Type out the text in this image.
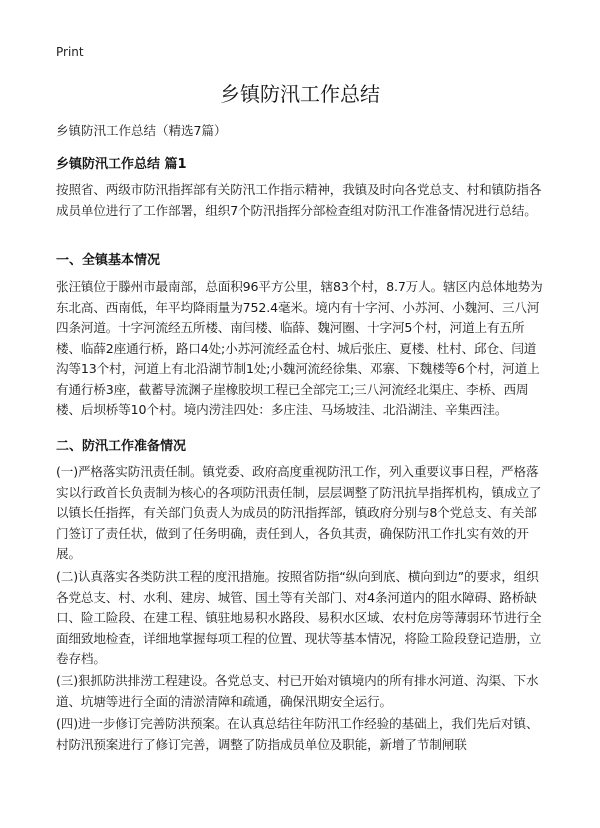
Print
乡镇防汛工作总结
乡镇防汛工作总结（精选7篇）
乡镇防汛工作总结 篇1

按照省、两级市防汛指挥部有关防汛工作指示精神，我镇及时向各党总支、村和镇防指各成员单位进行了工作部署，组织7个防汛指挥分部检查组对防汛工作准备情况进行总结。

一、全镇基本情况

张汪镇位于滕州市最南部，总面积96平方公里，辖83个村，8.7万人。辖区内总体地势为东北高、西南低，年平均降雨量为752.4毫米。境内有十字河、小苏河、小魏河、三八河四条河道。十字河流经五所楼、南闫楼、临薛、魏河圈、十字河5个村，河道上有五所楼、临薛2座通行桥，路口4处;小苏河流经孟仓村、城后张庄、夏楼、杜村、邱仓、闫道沟等13个村，河道上有北沿湖节制1处;小魏河流经徐集、邓寨、下魏楼等6个村，河道上有通行桥3座，截蓄导流渊子崖橡胶坝工程已全部完工;三八河流经北渠庄、李桥、西周楼、后坝桥等10个村。境内涝洼四处：多庄洼、马场坡洼、北沿湖洼、辛集西洼。

二、防汛工作准备情况

(一)严格落实防汛责任制。镇党委、政府高度重视防汛工作，列入重要议事日程，严格落实以行政首长负责制为核心的各项防汛责任制，层层调整了防汛抗旱指挥机构，镇成立了以镇长任指挥，有关部门负责人为成员的防汛指挥部，镇政府分别与8个党总支、有关部门签订了责任状，做到了任务明确，责任到人，各负其责，确保防汛工作扎实有效的开展。

(二)认真落实各类防洪工程的度汛措施。按照省防指“纵向到底、横向到边”的要求，组织各党总支、村、水利、建房、城管、国土等有关部门、对4条河道内的阻水障碍、路桥缺口、险工险段、在建工程、镇驻地易积水路段、易积水区域、农村危房等薄弱环节进行全面细致地检查，详细地掌握每项工程的位置、现状等基本情况，将险工险段登记造册，立卷存档。

(三)狠抓防洪排涝工程建设。各党总支、村已开始对镇境内的所有排水河道、沟渠、下水道、坑塘等进行全面的清淤清障和疏通，确保汛期安全运行。

(四)进一步修订完善防洪预案。在认真总结往年防汛工作经验的基础上，我们先后对镇、村防汛预案进行了修订完善，调整了防指成员单位及职能，新增了节制闸联
